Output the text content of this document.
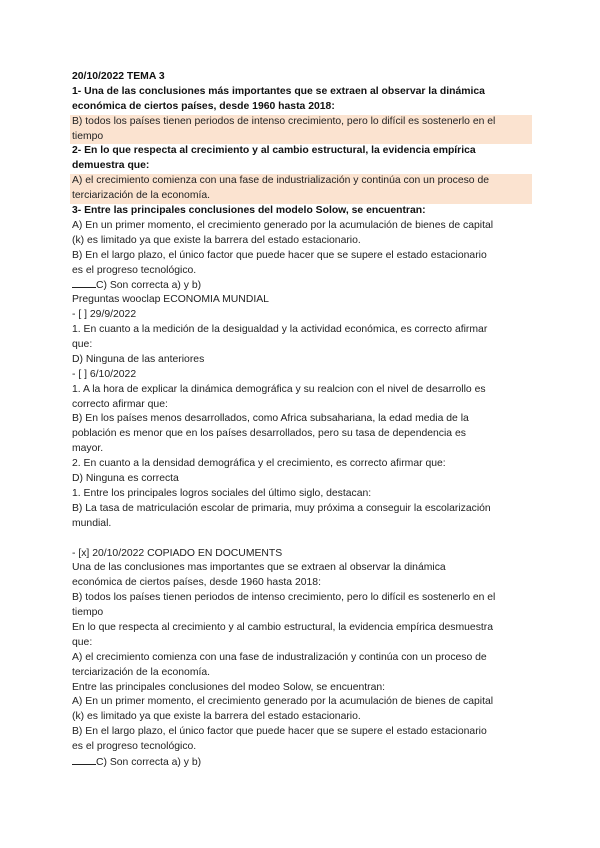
20/10/2022 TEMA 3
1- Una de las conclusiones más importantes que se extraen al observar la dinámica
económica de ciertos países, desde 1960 hasta 2018:
B) todos los países tienen periodos de intenso crecimiento, pero lo difícil es sostenerlo en el
tiempo
2- En lo que respecta al crecimiento y al cambio estructural, la evidencia empírica
demuestra que:
A) el crecimiento comienza con una fase de industrialización y continúa con un proceso de
terciarización de la economía.
3- Entre las principales conclusiones del modelo Solow, se encuentran:
A) En un primer momento, el crecimiento generado por la acumulación de bienes de capital
(k) es limitado ya que existe la barrera del estado estacionario.
B) En el largo plazo, el único factor que puede hacer que se supere el estado estacionario
es el progreso tecnológico.
C) Son correcta a) y b)
Preguntas wooclap ECONOMIA MUNDIAL
- [ ] 29/9/2022
1. En cuanto a la medición de la desigualdad y la actividad económica, es correcto afirmar
que:
D) Ninguna de las anteriores
- [ ] 6/10/2022
1. A la hora de explicar la dinámica demográfica y su realcion con el nivel de desarrollo es
correcto afirmar que:
B) En los países menos desarrollados, como Africa subsahariana, la edad media de la
población es menor que en los países desarrollados, pero su tasa de dependencia es
mayor.
2. En cuanto a la densidad demográfica y el crecimiento, es correcto afirmar que:
D) Ninguna es correcta
1. Entre los principales logros sociales del último siglo, destacan:
B) La tasa de matriculación escolar de primaria, muy próxima a conseguir la escolarización
mundial.
- [x] 20/10/2022 COPIADO EN DOCUMENTS
Una de las conclusiones mas importantes que se extraen al observar la dinámica
económica de ciertos países, desde 1960 hasta 2018:
B) todos los países tienen periodos de intenso crecimiento, pero lo difícil es sostenerlo en el
tiempo
En lo que respecta al crecimiento y al cambio estructural, la evidencia empírica desmuestra
que:
A) el crecimiento comienza con una fase de industralización y continúa con un proceso de
terciarización de la economía.
Entre las principales conclusiones del modeo Solow, se encuentran:
A) En un primer momento, el crecimiento generado por la acumulación de bienes de capital
(k) es limitado ya que existe la barrera del estado estacionario.
B) En el largo plazo, el único factor que puede hacer que se supere el estado estacionario
es el progreso tecnológico.
C) Son correcta a) y b)
